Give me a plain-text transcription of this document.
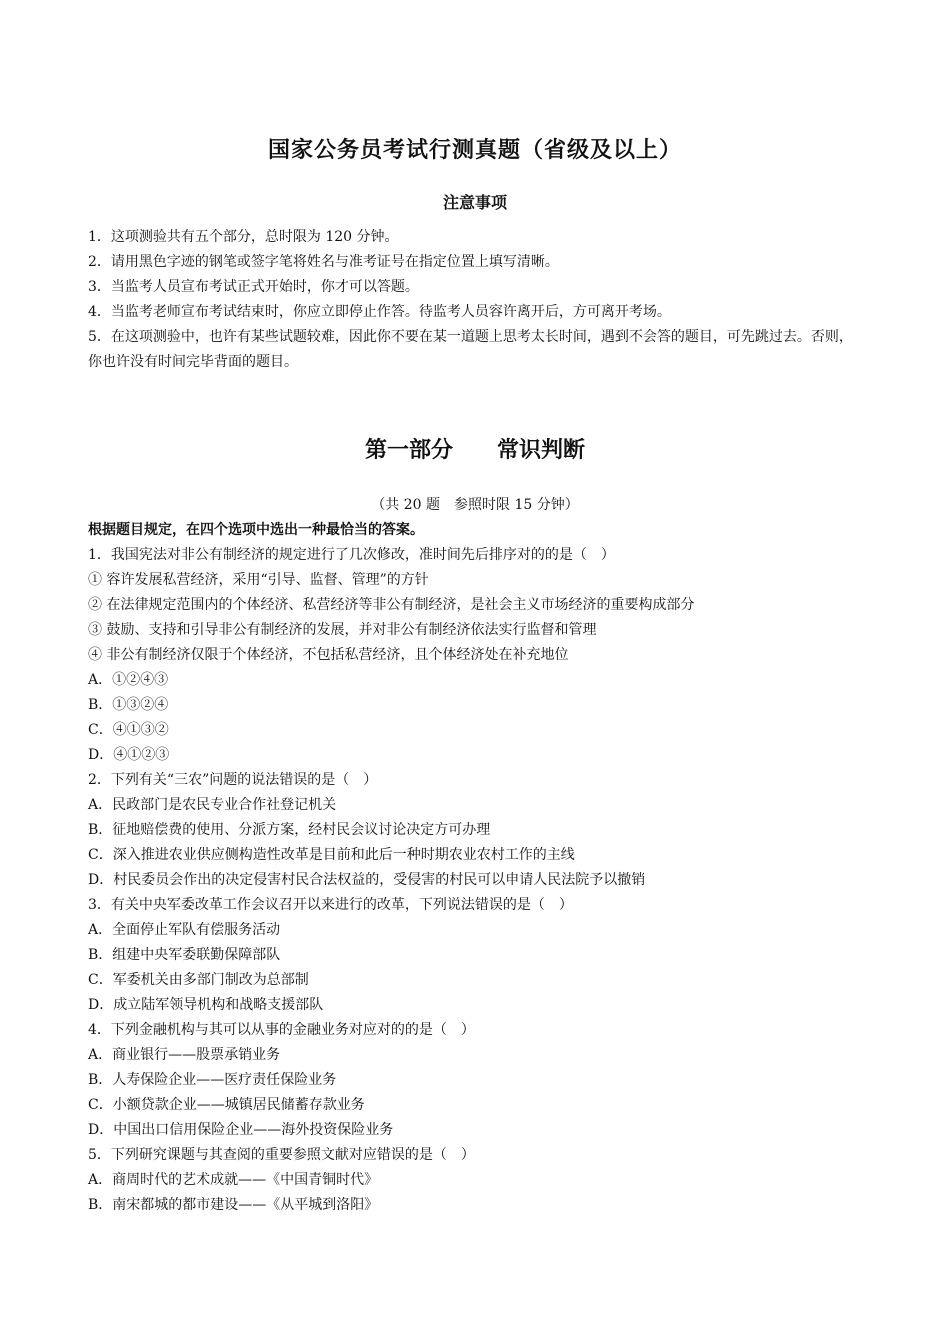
国家公务员考试行测真题（省级及以上）
注意事项

1．这项测验共有五个部分，总时限为 120 分钟。

2．请用黑色字迹的钢笔或签字笔将姓名与准考证号在指定位置上填写清晰。

3．当监考人员宣布考试正式开始时，你才可以答题。

4．当监考老师宣布考试结束时，你应立即停止作答。待监考人员容许离开后，方可离开考场。

5．在这项测验中，也许有某些试题较难，因此你不要在某一道题上思考太长时间，遇到不会答的题目，可先跳过去。否则，你也许没有时间完毕背面的题目。

第一部分 常识判断
（共 20 题　参照时限 15 分钟）

根据题目规定，在四个选项中选出一种最恰当的答案。

1．我国宪法对非公有制经济的规定进行了几次修改，准时间先后排序对的的是（　）

① 容许发展私营经济，采用“引导、监督、管理”的方针

② 在法律规定范围内的个体经济、私营经济等非公有制经济，是社会主义市场经济的重要构成部分

③ 鼓励、支持和引导非公有制经济的发展，并对非公有制经济依法实行监督和管理

④ 非公有制经济仅限于个体经济，不包括私营经济，且个体经济处在补充地位

A．①②④③

B．①③②④

C．④①③②

D．④①②③

2．下列有关“三农”问题的说法错误的是（　）

A．民政部门是农民专业合作社登记机关

B．征地赔偿费的使用、分派方案，经村民会议讨论决定方可办理

C．深入推进农业供应侧构造性改革是目前和此后一种时期农业农村工作的主线

D．村民委员会作出的决定侵害村民合法权益的，受侵害的村民可以申请人民法院予以撤销

3．有关中央军委改革工作会议召开以来进行的改革，下列说法错误的是（　）

A．全面停止军队有偿服务活动

B．组建中央军委联勤保障部队

C．军委机关由多部门制改为总部制

D．成立陆军领导机构和战略支援部队

4．下列金融机构与其可以从事的金融业务对应对的的是（　）

A．商业银行——股票承销业务

B．人寿保险企业——医疗责任保险业务

C．小额贷款企业——城镇居民储蓄存款业务

D．中国出口信用保险企业——海外投资保险业务

5．下列研究课题与其查阅的重要参照文献对应错误的是（　）

A．商周时代的艺术成就——《中国青铜时代》

B．南宋都城的都市建设——《从平城到洛阳》
